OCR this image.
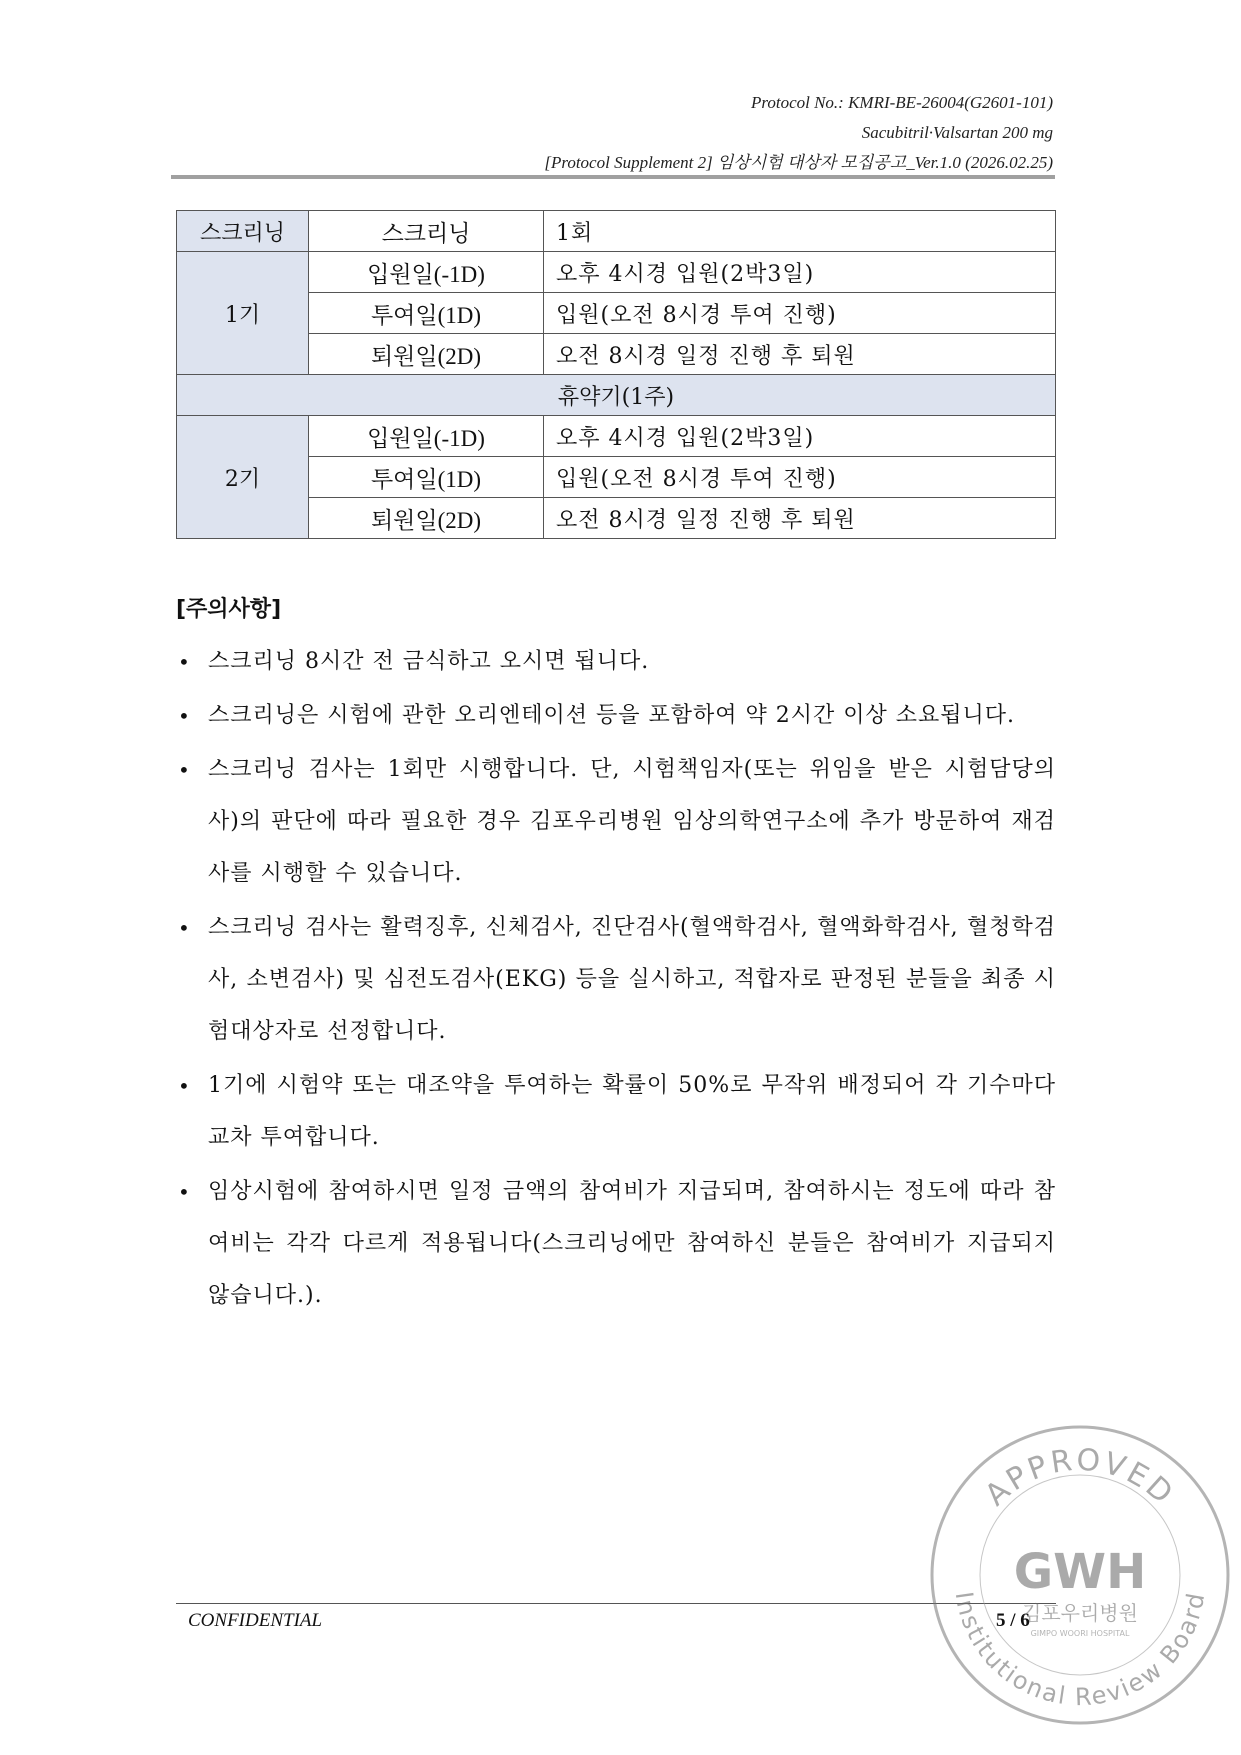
Protocol No.: KMRI-BE-26004(G2601-101)
Sacubitril·Valsartan 200 mg
[Protocol Supplement 2] 임상시험 대상자 모집공고_Ver.1.0 (2026.02.25)
스크리닝	스크리닝	1회
1기	입원일(-1D)	오후 4시경 입원(2박3일)
	투여일(1D)	입원(오전 8시경 투여 진행)
	퇴원일(2D)	오전 8시경 일정 진행 후 퇴원
휴약기(1주)		
2기	입원일(-1D)	오후 4시경 입원(2박3일)
	투여일(1D)	입원(오전 8시경 투여 진행)
	퇴원일(2D)	오전 8시경 일정 진행 후 퇴원
[주의사항]
• 스크리닝 8시간 전 금식하고 오시면 됩니다.
• 스크리닝은 시험에 관한 오리엔테이션 등을 포함하여 약 2시간 이상 소요됩니다.
• 스크리닝 검사는 1회만 시행합니다. 단, 시험책임자(또는 위임을 받은 시험담당의사)의 판단에 따라 필요한 경우 김포우리병원 임상의학연구소에 추가 방문하여 재검사를 시행할 수 있습니다.
• 스크리닝 검사는 활력징후, 신체검사, 진단검사(혈액학검사, 혈액화학검사, 혈청학검사, 소변검사) 및 심전도검사(EKG) 등을 실시하고, 적합자로 판정된 분들을 최종 시험대상자로 선정합니다.
• 1기에 시험약 또는 대조약을 투여하는 확률이 50%로 무작위 배정되어 각 기수마다 교차 투여합니다.
• 임상시험에 참여하시면 일정 금액의 참여비가 지급되며, 참여하시는 정도에 따라 참여비는 각각 다르게 적용됩니다(스크리닝에만 참여하신 분들은 참여비가 지급되지 않습니다.).
CONFIDENTIAL	5 / 6
APPROVED
Institutional Review Board
GWH
김포우리병원
GIMPO WOORI HOSPITAL
